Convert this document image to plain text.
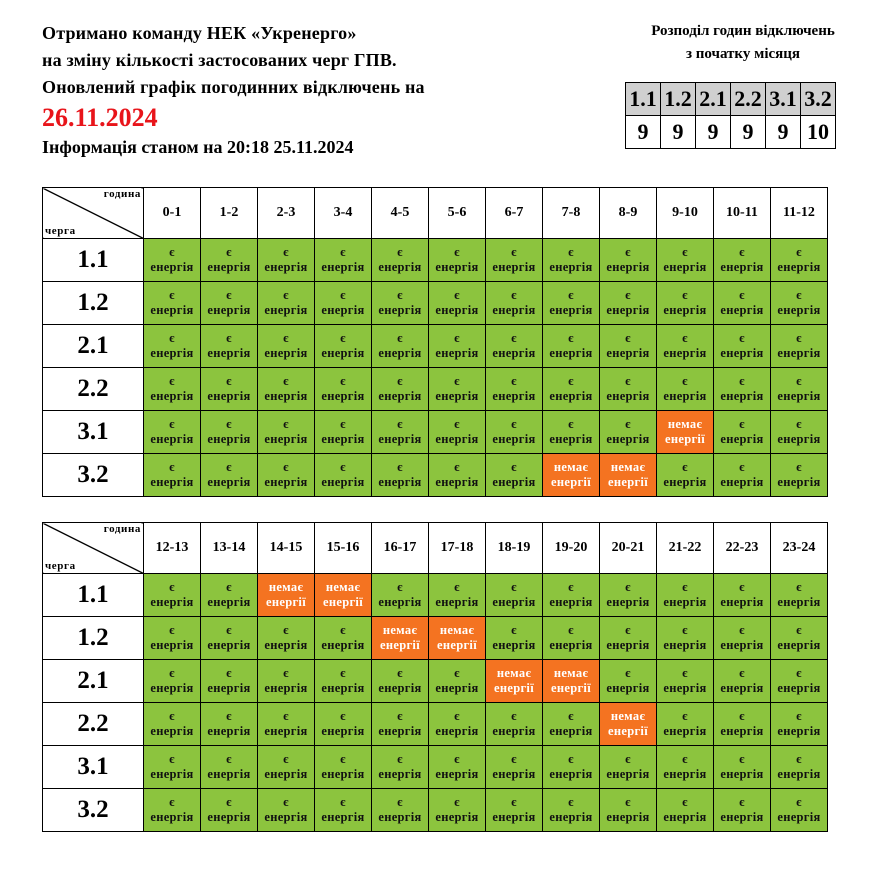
Отримано команду НЕК «Укренерго»
на зміну кількості застосованих черг ГПВ.
Оновлений графік погодинних відключень на
26.11.2024
Інформація станом на 20:18 25.11.2024
Розподіл годин відключень
з початку місяця
1.1	1.2	2.1	2.2	3.1	3.2
9	9	9	9	9	10
година
черга	0-1	1-2	2-3	3-4	4-5	5-6	6-7	7-8	8-9	9-10	10-11	11-12
1.1	є
енергія	є
енергія	є
енергія	є
енергія	є
енергія	є
енергія	є
енергія	є
енергія	є
енергія	є
енергія	є
енергія	є
енергія

1.2	є
енергія	є
енергія	є
енергія	є
енергія	є
енергія	є
енергія	є
енергія	є
енергія	є
енергія	є
енергія	є
енергія	є
енергія

2.1	є
енергія	є
енергія	є
енергія	є
енергія	є
енергія	є
енергія	є
енергія	є
енергія	є
енергія	є
енергія	є
енергія	є
енергія

2.2	є
енергія	є
енергія	є
енергія	є
енергія	є
енергія	є
енергія	є
енергія	є
енергія	є
енергія	є
енергія	є
енергія	є
енергія

3.1	є
енергія	є
енергія	є
енергія	є
енергія	є
енергія	є
енергія	є
енергія	є
енергія	є
енергія	немає
енергії	є
енергія	є
енергія

3.2	є
енергія	є
енергія	є
енергія	є
енергія	є
енергія	є
енергія	є
енергія	немає
енергії	немає
енергії	є
енергія	є
енергія	є
енергія
година
черга	12-13	13-14	14-15	15-16	16-17	17-18	18-19	19-20	20-21	21-22	22-23	23-24
1.1	є
енергія	є
енергія	немає
енергії	немає
енергії	є
енергія	є
енергія	є
енергія	є
енергія	є
енергія	є
енергія	є
енергія	є
енергія

1.2	є
енергія	є
енергія	є
енергія	є
енергія	немає
енергії	немає
енергії	є
енергія	є
енергія	є
енергія	є
енергія	є
енергія	є
енергія

2.1	є
енергія	є
енергія	є
енергія	є
енергія	є
енергія	є
енергія	немає
енергії	немає
енергії	є
енергія	є
енергія	є
енергія	є
енергія

2.2	є
енергія	є
енергія	є
енергія	є
енергія	є
енергія	є
енергія	є
енергія	є
енергія	немає
енергії	є
енергія	є
енергія	є
енергія

3.1	є
енергія	є
енергія	є
енергія	є
енергія	є
енергія	є
енергія	є
енергія	є
енергія	є
енергія	є
енергія	є
енергія	є
енергія

3.2	є
енергія	є
енергія	є
енергія	є
енергія	є
енергія	є
енергія	є
енергія	є
енергія	є
енергія	є
енергія	є
енергія	є
енергія
